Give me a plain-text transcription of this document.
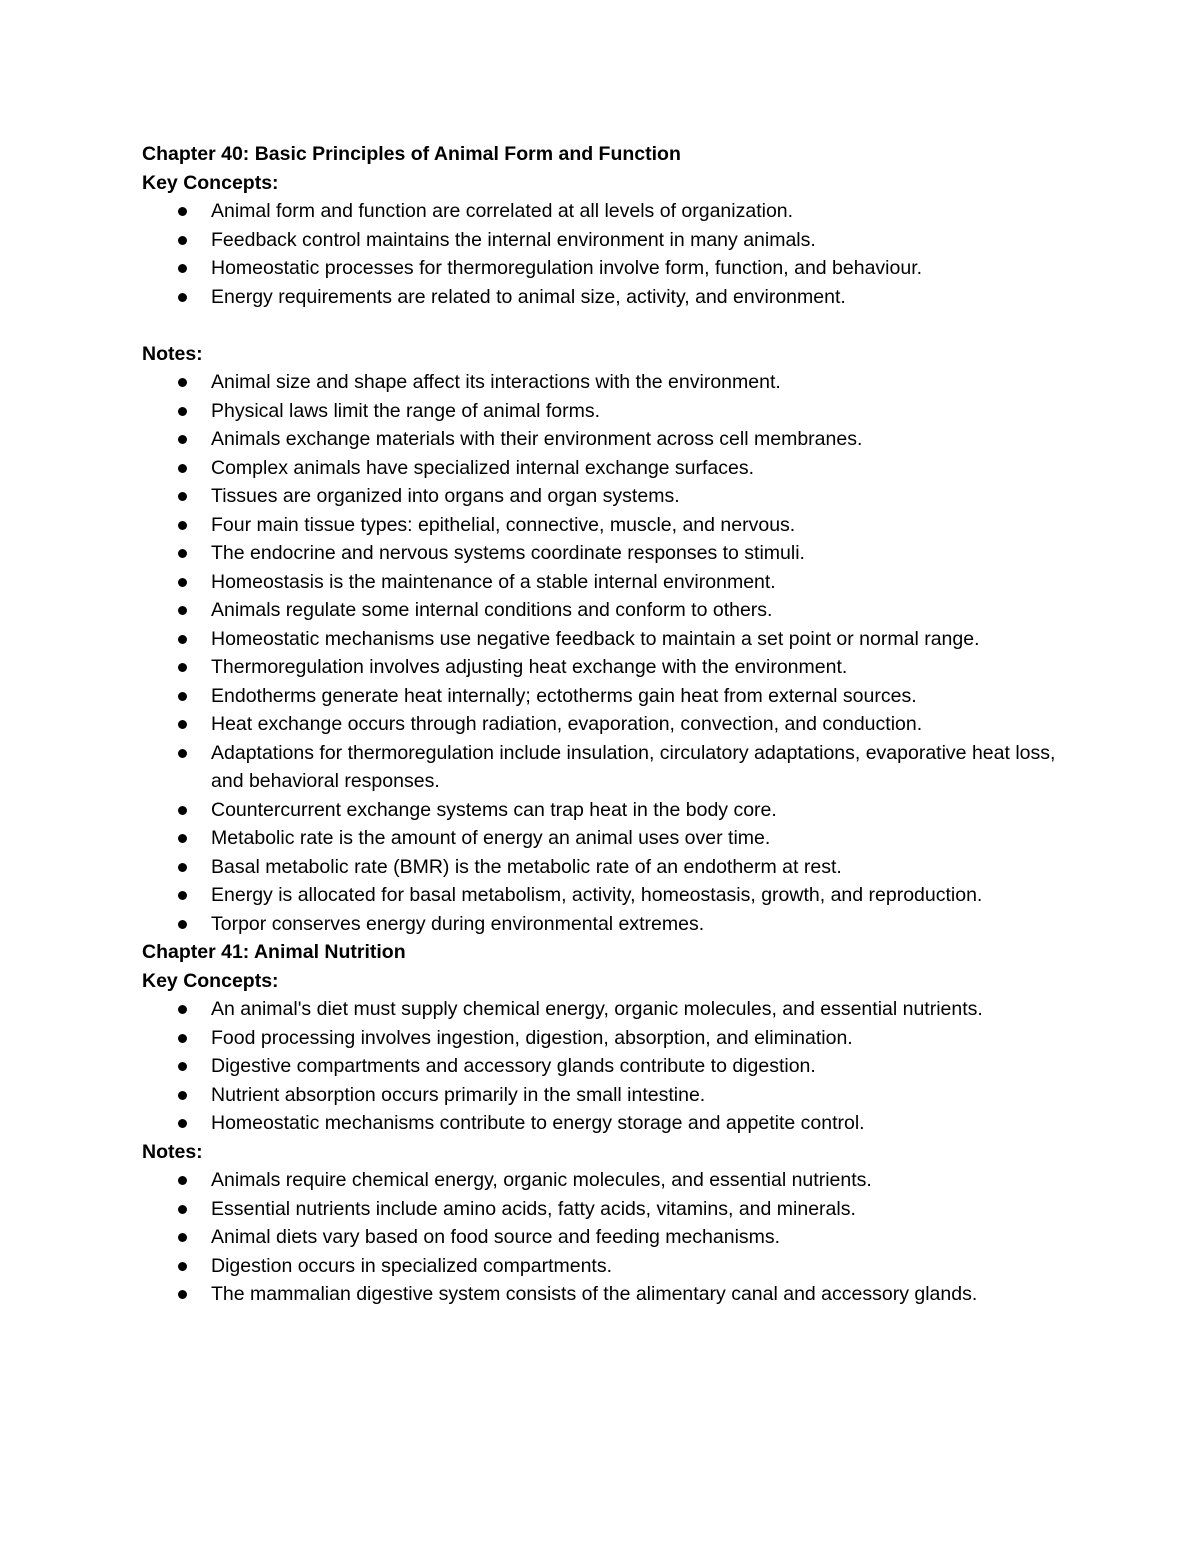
Chapter 40: Basic Principles of Animal Form and Function

Key Concepts:

Animal form and function are correlated at all levels of organization.
Feedback control maintains the internal environment in many animals.
Homeostatic processes for thermoregulation involve form, function, and behaviour.
Energy requirements are related to animal size, activity, and environment.

Notes:

Animal size and shape affect its interactions with the environment.
Physical laws limit the range of animal forms.
Animals exchange materials with their environment across cell membranes.
Complex animals have specialized internal exchange surfaces.
Tissues are organized into organs and organ systems.
Four main tissue types: epithelial, connective, muscle, and nervous.
The endocrine and nervous systems coordinate responses to stimuli.
Homeostasis is the maintenance of a stable internal environment.
Animals regulate some internal conditions and conform to others.
Homeostatic mechanisms use negative feedback to maintain a set point or normal range.
Thermoregulation involves adjusting heat exchange with the environment.
Endotherms generate heat internally; ectotherms gain heat from external sources.
Heat exchange occurs through radiation, evaporation, convection, and conduction.
Adaptations for thermoregulation include insulation, circulatory adaptations, evaporative heat loss, and behavioral responses.
Countercurrent exchange systems can trap heat in the body core.
Metabolic rate is the amount of energy an animal uses over time.
Basal metabolic rate (BMR) is the metabolic rate of an endotherm at rest.
Energy is allocated for basal metabolism, activity, homeostasis, growth, and reproduction.
Torpor conserves energy during environmental extremes.

Chapter 41: Animal Nutrition

Key Concepts:

An animal's diet must supply chemical energy, organic molecules, and essential nutrients.
Food processing involves ingestion, digestion, absorption, and elimination.
Digestive compartments and accessory glands contribute to digestion.
Nutrient absorption occurs primarily in the small intestine.
Homeostatic mechanisms contribute to energy storage and appetite control.

Notes:

Animals require chemical energy, organic molecules, and essential nutrients.
Essential nutrients include amino acids, fatty acids, vitamins, and minerals.
Animal diets vary based on food source and feeding mechanisms.
Digestion occurs in specialized compartments.
The mammalian digestive system consists of the alimentary canal and accessory glands.
